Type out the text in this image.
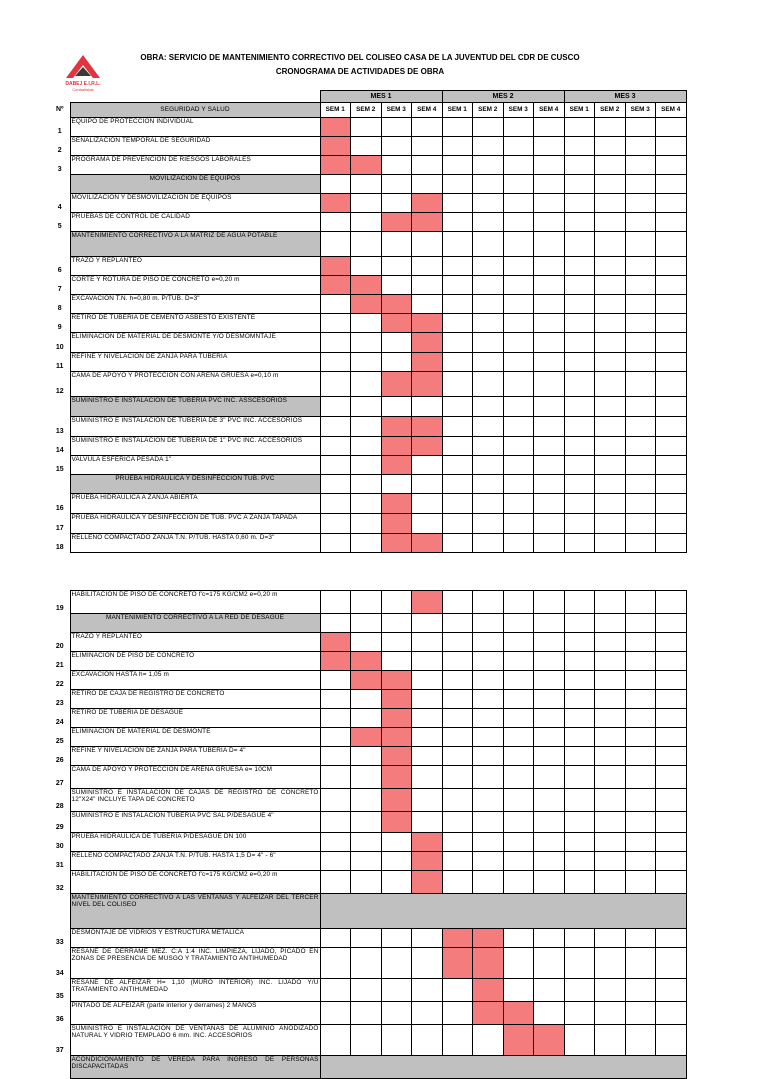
DABEJ E.I.R.L.
Contratistas
OBRA: SERVICIO DE MANTENIMIENTO CORRECTIVO DEL COLISEO CASA DE LA JUVENTUD DEL CDR DE CUSCO
CRONOGRAMA DE ACTIVIDADES DE OBRA
		MES 1				MES 2				MES 3			
Nº	SEGURIDAD Y SALUD	SEM 1	SEM 2	SEM 3	SEM 4	SEM 1	SEM 2	SEM 3	SEM 4	SEM 1	SEM 2	SEM 3	SEM 4
1	EQUIPO DE PROTECCION INDIVIDUAL												
2	SEÑALIZACION TEMPORAL DE SEGURIDAD												
3	PROGRAMA DE PREVENCION DE RIESGOS LABORALES												
	MOVILIZACION DE EQUIPOS												
4	MOVILIZACION Y DESMOVILIZACION DE EQUIPOS												
5	PRUEBAS DE CONTROL DE CALIDAD												
	MANTENIMIENTO CORRECTIVO A LA MATRIZ DE AGUA POTABLE												
6	TRAZO Y REPLANTEO												
7	CORTE Y ROTURA DE PISO DE CONCRETO e=0,20 m												
8	EXCAVACION T.N. h=0,80 m. P/TUB. D=3"												
9	RETIRO DE TUBERIA DE CEMENTO ASBESTO EXISTENTE												
10	ELIMINACION DE MATERIAL DE DESMONTE Y/O DESMOMNTAJE												
11	REFINE Y NIVELACION DE ZANJA PARA TUBERIA												
12	CAMA DE APOYO Y PROTECCION CON ARENA GRUESA e=0,10 m												
	SUMINISTRO E INSTALACION DE TUBERIA PVC INC. ASSCESORIOS												
13	SUMINISTRO E INSTALACION DE TUBERIA DE 3" PVC INC. ACCESORIOS												
14	SUMINISTRO E INSTALACION DE TUBERIA DE 1" PVC INC. ACCESORIOS												
15	VALVULA ESFERICA PESADA 1"												
	PRUEBA HIDRAULICA Y DESINFECCION TUB. PVC												
16	PRUEBA HIDRAULICA A ZANJA ABIERTA												
17	PRUEBA HIDRAULICA Y DESINFECCION DE TUB. PVC A ZANJA TAPADA												
18	RELLENO COMPACTADO ZANJA T.N. P/TUB. HASTA 0,60 m. D=3"												
19	HABILITACION DE PISO DE CONCRETO f'c=175 KG/CM2 e=0,20 m												
	MANTENIMIENTO CORRECTIVO A LA RED DE DESAGÜE												
20	TRAZO Y REPLANTEO												
21	ELIMINACION DE PISO DE CONCRETO												
22	EXCAVACION HASTA h= 1,05 m												
23	RETIRO DE CAJA DE REGISTRO DE CONCRETO												
24	RETIRO DE TUBERIA DE DESAGÜE												
25	ELIMINACION DE MATERIAL DE DESMONTE												
26	REFINE Y NIVELACION DE ZANJA PARA TUBERIA D= 4"												
27	CAMA DE APOYO Y PROTECCION DE ARENA GRUESA e= 10CM												
28	SUMINISTRO E INSTALACION DE CAJAS DE REGISTRO DE CONCRETO 12"X24" INCLUYE TAPA DE CONCRETO												
29	SUMINISTRO E INSTALACION TUBERIA PVC SAL P/DESAGÜE 4"												
30	PRUEBA HIDRAULICA DE TUBERIA P/DESAGÜE DN 100												
31	RELLENO COMPACTADO ZANJA T.N. P/TUB. HASTA 1,5 D= 4" - 6"												
32	HABILITACION DE PISO DE CONCRETO f'c=175 KG/CM2 e=0,20 m												
	MANTENIMIENTO CORRECTIVO A LAS VENTANAS Y ALFEIZAR DEL TERCER NIVEL DEL COLISEO												
33	DESMONTAJE DE VIDRIOS Y ESTRUCTURA METALICA												
34	RESANE DE DERRAME MEZ. C:A 1:4 INC. LIMPIEZA, LIJADO, PICADO EN ZONAS DE PRESENCIA DE MUSGO Y TRATAMIENTO ANTIHUMEDAD												
35	RESANE DE ALFEIZAR H= 1,10 (MURO INTERIOR) INC. LIJADO Y/U TRATAMIENTO ANTIHUMEDAD												
36	PINTADO DE ALFEIZAR (parte interior y derrames) 2 MANOS												
37	SUMINISTRO E INSTALACION DE VENTANAS DE ALUMINIO ANODIZADO NATURAL Y VIDRIO TEMPLADO 6 mm. INC. ACCESORIOS												
	ACONDICIONAMIENTO DE VEREDA PARA INGRESO DE PERSONAS DISCAPACITADAS												
